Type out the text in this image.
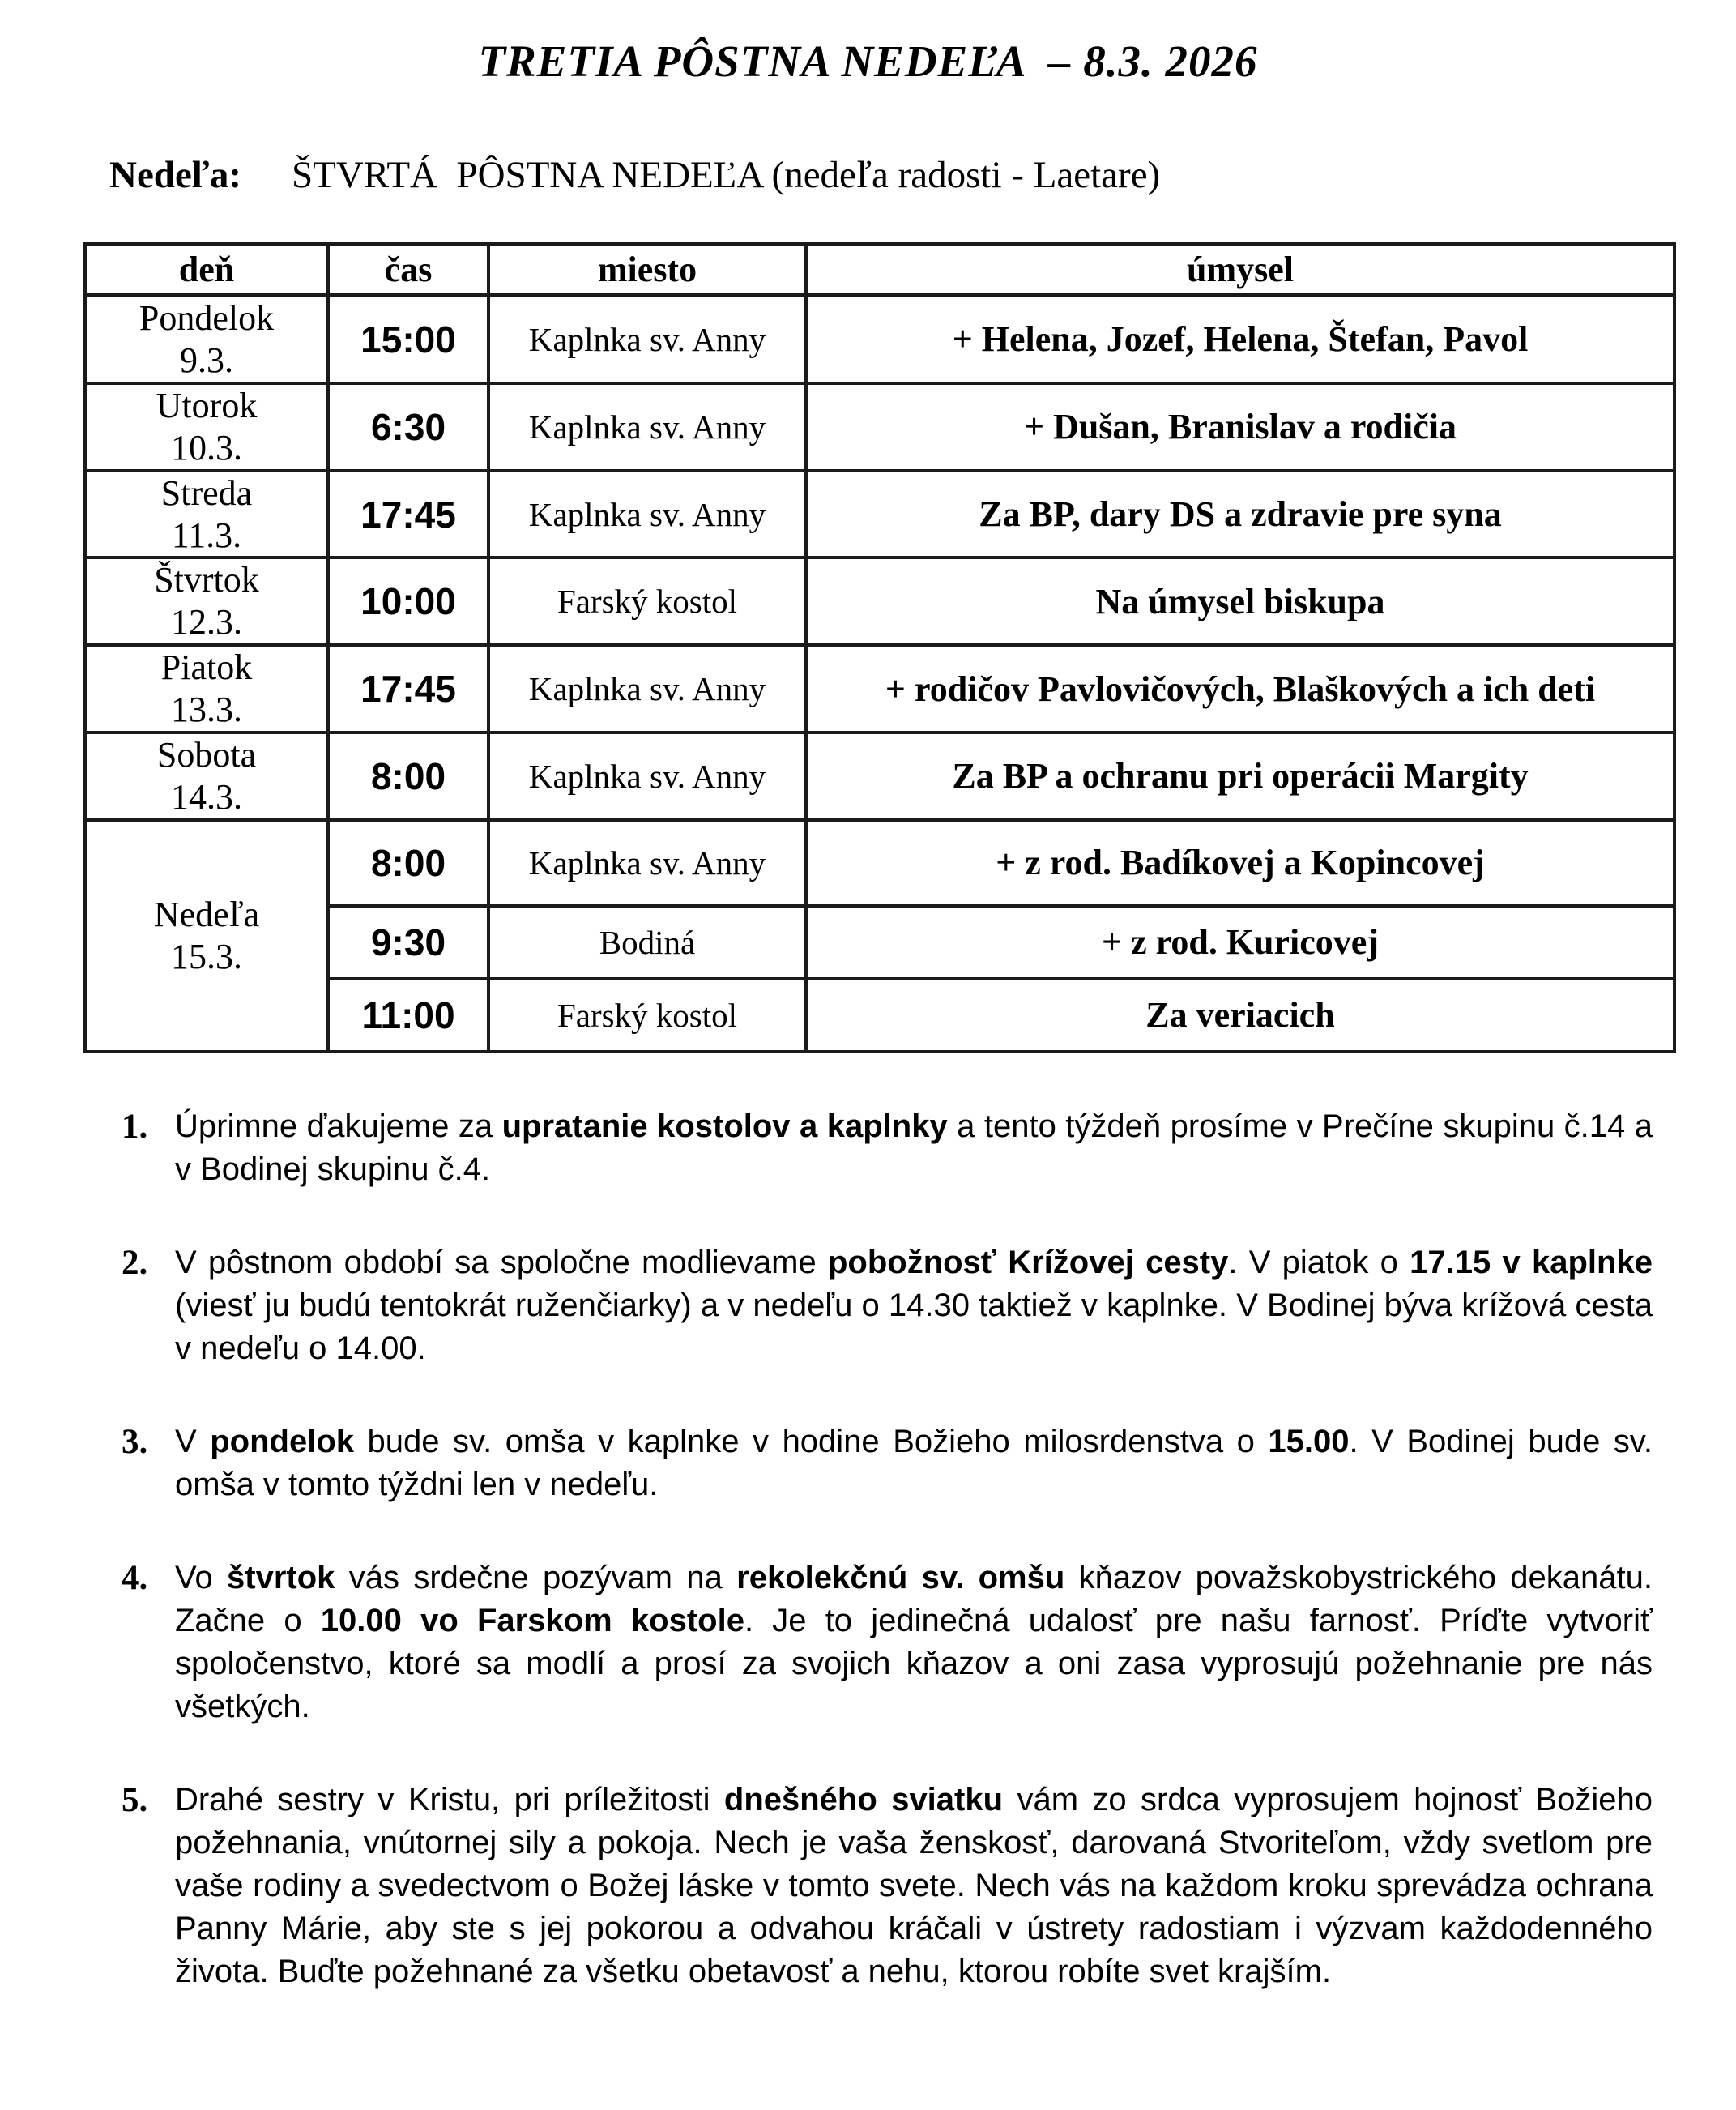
TRETIA PÔSTNA NEDEĽA  – 8.3. 2026
Nedeľa: ŠTVRTÁ  PÔSTNA NEDEĽA (nedeľa radosti - Laetare)
deň	čas	miesto	úmysel

Pondelok
9.3.	15:00	Kaplnka sv. Anny	+ Helena, Jozef, Helena, Štefan, Pavol

Utorok
10.3.	6:30	Kaplnka sv. Anny	+ Dušan, Branislav a rodičia

Streda
11.3.	17:45	Kaplnka sv. Anny	Za BP, dary DS a zdravie pre syna

Štvrtok
12.3.	10:00	Farský kostol	Na úmysel biskupa

Piatok
13.3.	17:45	Kaplnka sv. Anny	+ rodičov Pavlovičových, Blaškových a ich deti

Sobota
14.3.	8:00	Kaplnka sv. Anny	Za BP a ochranu pri operácii Margity

Nedeľa
15.3.	8:00	Kaplnka sv. Anny	+ z rod. Badíkovej a Kopincovej
	9:30	Bodiná	+ z rod. Kuricovej
	11:00	Farský kostol	Za veriacich
1. Úprimne ďakujeme za upratanie kostolov a kaplnky a tento týždeň prosíme v Prečíne skupinu č.14 a v Bodinej skupinu č.4.
2. V pôstnom období sa spoločne modlievame pobožnosť Krížovej cesty. V piatok o 17.15 v kaplnke (viesť ju budú tentokrát ruženčiarky) a v nedeľu o 14.30 taktiež v kaplnke. V Bodinej býva krížová cesta v nedeľu o 14.00.
3. V pondelok bude sv. omša v kaplnke v hodine Božieho milosrdenstva o 15.00. V Bodinej bude sv. omša v tomto týždni len v nedeľu.
4. Vo štvrtok vás srdečne pozývam na rekolekčnú sv. omšu kňazov považskobystrického dekanátu. Začne o 10.00 vo Farskom kostole. Je to jedinečná udalosť pre našu farnosť. Príďte vytvoriť spoločenstvo, ktoré sa modlí a prosí za svojich kňazov a oni zasa vyprosujú požehnanie pre nás všetkých.
5. Drahé sestry v Kristu, pri príležitosti dnešného sviatku vám zo srdca vyprosujem hojnosť Božieho požehnania, vnútornej sily a pokoja. Nech je vaša ženskosť, darovaná Stvoriteľom, vždy svetlom pre vaše rodiny a svedectvom o Božej láske v tomto svete. Nech vás na každom kroku sprevádza ochrana Panny Márie, aby ste s jej pokorou a odvahou kráčali v ústrety radostiam i výzvam každodenného života. Buďte požehnané za všetku obetavosť a nehu, ktorou robíte svet krajším.
